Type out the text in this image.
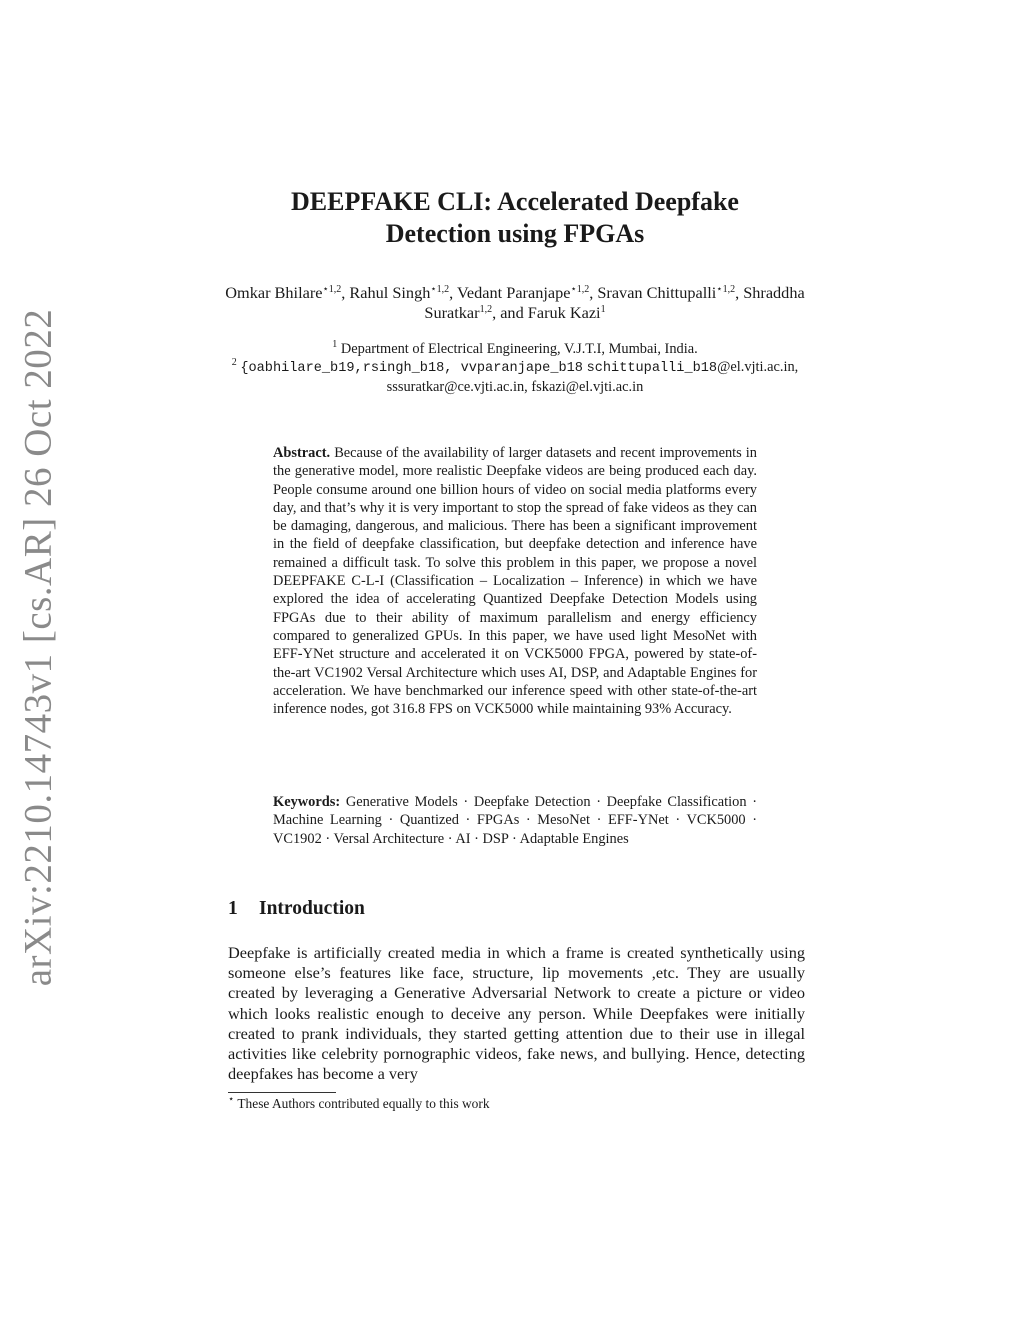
arXiv:2210.14743v1 [cs.AR] 26 Oct 2022
DEEPFAKE CLI: Accelerated Deepfake
Detection using FPGAs
Omkar Bhilare$^{⋆1,2}$, Rahul Singh$^{⋆1,2}$, Vedant Paranjape$^{⋆1,2}$, Sravan Chittupalli$^{⋆1,2}$, Shraddha Suratkar$^{1,2}$, and Faruk Kazi$^1$
$^1$ Department of Electrical Engineering, V.J.T.I, Mumbai, India.
$^2$ {oabhilare_b19,rsingh_b18, vvparanjape_b18 schittupalli_b18@el.vjti.ac.in,
sssuratkar@ce.vjti.ac.in, fskazi@el.vjti.ac.in

Abstract. Because of the availability of larger datasets and recent improvements in the generative model, more realistic Deepfake videos are being produced each day. People consume around one billion hours of video on social media platforms every day, and that’s why it is very important to stop the spread of fake videos as they can be damaging, dangerous, and malicious. There has been a significant improvement in the field of deepfake classification, but deepfake detection and inference have remained a difficult task. To solve this problem in this paper, we propose a novel DEEPFAKE C-L-I (Classification – Localization – Inference) in which we have explored the idea of accelerating Quantized Deepfake Detection Models using FPGAs due to their ability of maximum parallelism and energy efficiency compared to generalized GPUs. In this paper, we have used light MesoNet with EFF-YNet structure and accelerated it on VCK5000 FPGA, powered by state-of-the-art VC1902 Versal Architecture which uses AI, DSP, and Adaptable Engines for acceleration. We have benchmarked our inference speed with other state-of-the-art inference nodes, got 316.8 FPS on VCK5000 while maintaining 93% Accuracy.

Keywords: Generative Models · Deepfake Detection · Deepfake Classification · Machine Learning · Quantized · FPGAs · MesoNet · EFF-YNet · VCK5000 · VC1902 · Versal Architecture · AI · DSP · Adaptable Engines

1 Introduction

Deepfake is artificially created media in which a frame is created synthetically using someone else’s features like face, structure, lip movements ,etc. They are usually created by leveraging a Generative Adversarial Network to create a picture or video which looks realistic enough to deceive any person. While Deepfakes were initially created to prank individuals, they started getting attention due to their use in illegal activities like celebrity pornographic videos, fake news, and bullying. Hence, detecting deepfakes has become a very

⋆ These Authors contributed equally to this work
